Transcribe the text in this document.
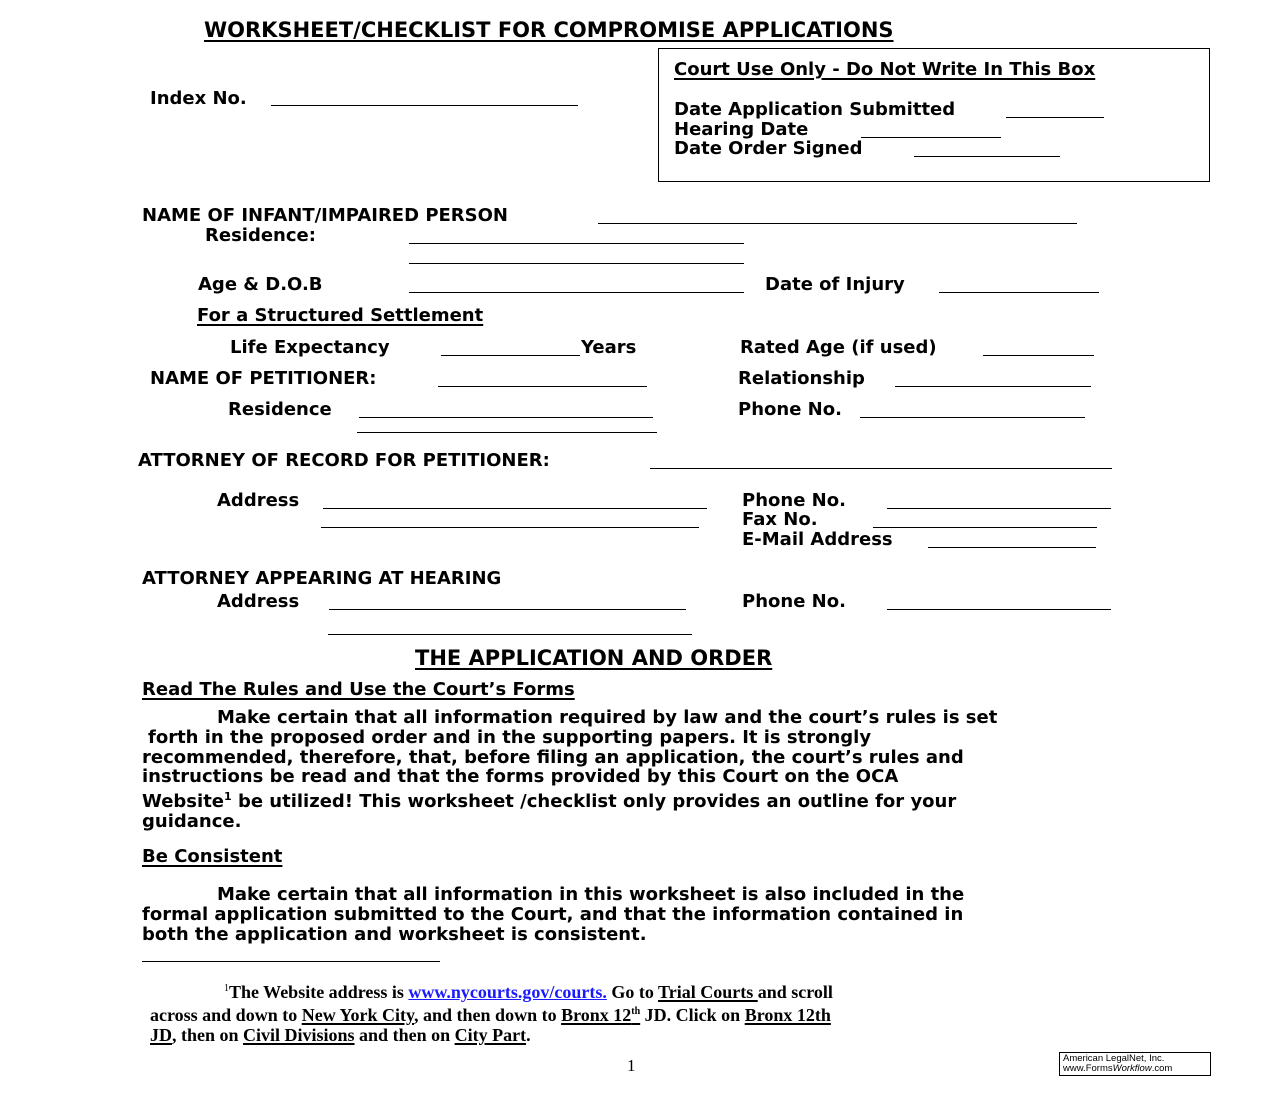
WORKSHEET/CHECKLIST FOR COMPROMISE APPLICATIONS
Court Use Only - Do Not Write In This Box
Date Application Submitted
Hearing Date
Date Order Signed
Index No.
NAME OF INFANT/IMPAIRED PERSON
Residence:
Age & D.O.B	Date of Injury
For a Structured Settlement
Life Expectancy	Years	Rated Age (if used)
NAME OF PETITIONER:	Relationship
Residence	Phone No.
ATTORNEY OF RECORD FOR PETITIONER:
Address	Phone No.
Fax No.
E-Mail Address
ATTORNEY APPEARING AT HEARING
Address	Phone No.
THE APPLICATION AND ORDER
Read The Rules and Use the Court’s Forms
Make certain that all information required by law and the court’s rules is set
forth in the proposed order and in the supporting papers. It is strongly
recommended, therefore, that, before filing an application, the court’s rules and
instructions be read and that the forms provided by this Court on the OCA
Website$^1$ be utilized! This worksheet /checklist only provides an outline for your
guidance.
Be Consistent
Make certain that all information in this worksheet is also included in the
formal application submitted to the Court, and that the information contained in
both the application and worksheet is consistent.
$^1$The Website address is www.nycourts.gov/courts. Go to Trial Courts and scroll
across and down to New York City, and then down to Bronx 12th JD. Click on Bronx 12th
JD, then on Civil Divisions and then on City Part.
1	American LegalNet, Inc.
www.FormsWorkflow.com
